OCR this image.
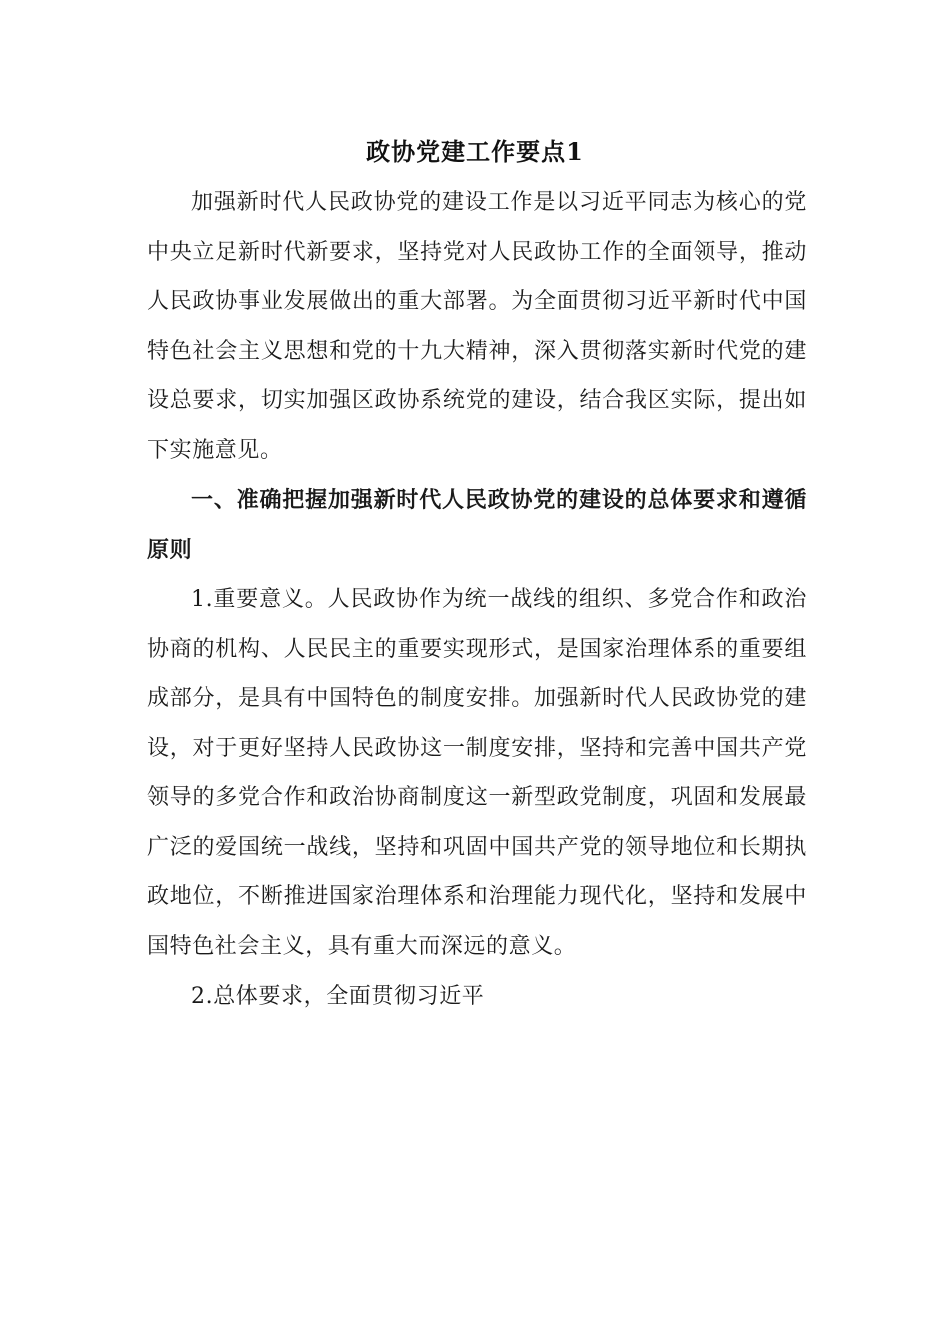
政协党建工作要点1

加强新时代人民政协党的建设工作是以习近平同志为核心的党中央立足新时代新要求，坚持党对人民政协工作的全面领导，推动人民政协事业发展做出的重大部署。为全面贯彻习近平新时代中国特色社会主义思想和党的十九大精神，深入贯彻落实新时代党的建设总要求，切实加强区政协系统党的建设，结合我区实际，提出如下实施意见。

一、准确把握加强新时代人民政协党的建设的总体要求和遵循原则

1.重要意义。人民政协作为统一战线的组织、多党合作和政治协商的机构、人民民主的重要实现形式，是国家治理体系的重要组成部分，是具有中国特色的制度安排。加强新时代人民政协党的建设，对于更好坚持人民政协这一制度安排，坚持和完善中国共产党领导的多党合作和政治协商制度这一新型政党制度，巩固和发展最广泛的爱国统一战线，坚持和巩固中国共产党的领导地位和长期执政地位，不断推进国家治理体系和治理能力现代化，坚持和发展中国特色社会主义，具有重大而深远的意义。

2.总体要求，全面贯彻习近平
